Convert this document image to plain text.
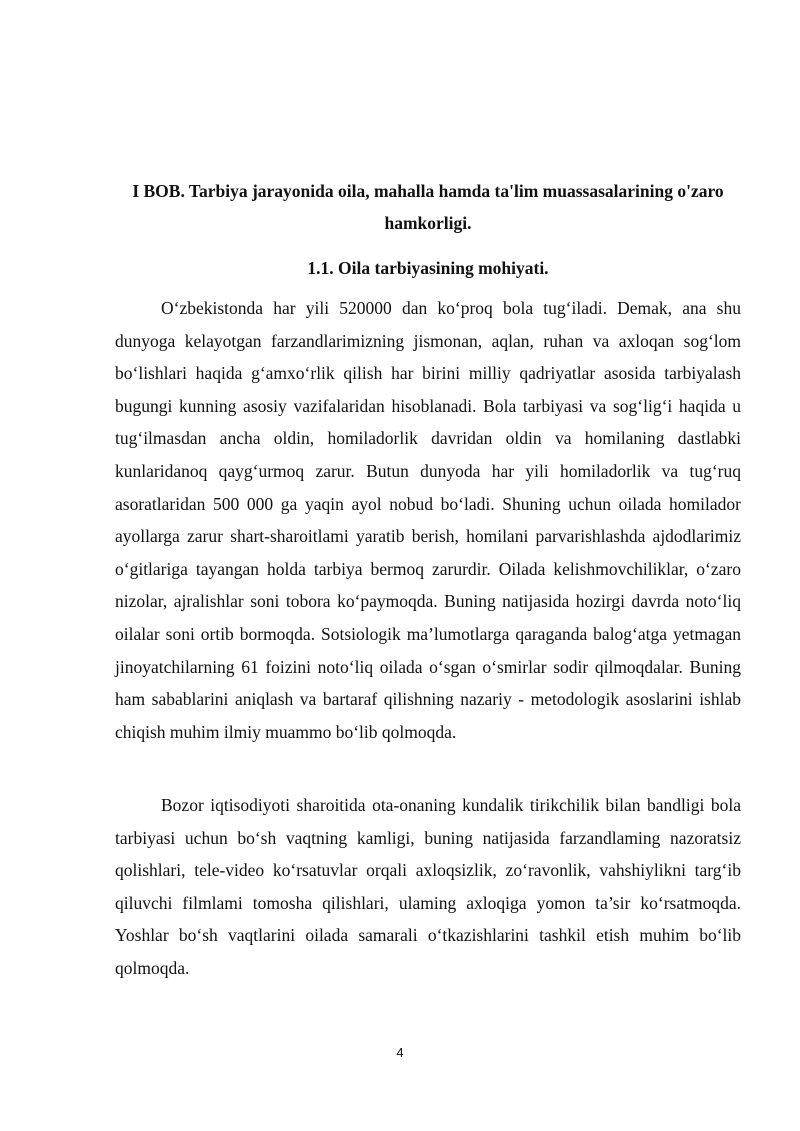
I BOB. Tarbiya jarayonida oila, mahalla hamda ta'lim muassasalarining o'zaro hamkorligi.
1.1. Oila tarbiyasining mohiyati.

O‘zbekistonda har yili 520000 dan ko‘proq bola tug‘iladi. Demak, ana shu dunyoga kelayotgan farzandlarimizning jismonan, aqlan, ruhan va axloqan sog‘lom bo‘lishlari haqida g‘amxo‘rlik qilish har birini milliy qadriyatlar asosida tarbiyalash bugungi kunning asosiy vazifalaridan hisoblanadi. Bola tarbiyasi va sog‘lig‘i haqida u tug‘ilmasdan ancha oldin, homiladorlik davridan oldin va homilaning dastlabki kunlaridanoq qayg‘urmoq zarur. Butun dunyoda har yili homiladorlik va tug‘ruq asoratlaridan 500 000 ga yaqin ayol nobud bo‘ladi. Shuning uchun oilada homilador ayollarga zarur shart-sharoitlami yaratib berish, homilani parvarishlashda ajdodlarimiz o‘gitlariga tayangan holda tarbiya bermoq zarurdir. Oilada kelishmovchiliklar, o‘zaro nizolar, ajralishlar soni tobora ko‘paymoqda. Buning natijasida hozirgi davrda noto‘liq oilalar soni ortib bormoqda. Sotsiologik ma’lumotlarga qaraganda balog‘atga yetmagan jinoyatchilarning 61 foizini noto‘liq oilada o‘sgan o‘smirlar sodir qilmoqdalar. Buning ham sabablarini aniqlash va bartaraf qilishning nazariy - metodologik asoslarini ishlab chiqish muhim ilmiy muammo bo‘lib qolmoqda.

Bozor iqtisodiyoti sharoitida ota-onaning kundalik tirikchilik bilan bandligi bola tarbiyasi uchun bo‘sh vaqtning kamligi, buning natijasida farzandlaming nazoratsiz qolishlari, tele-video ko‘rsatuvlar orqali axloqsizlik, zo‘ravonlik, vahshiylikni targ‘ib qiluvchi filmlami tomosha qilishlari, ulaming axloqiga yomon ta’sir ko‘rsatmoqda. Yoshlar bo‘sh vaqtlarini oilada samarali o‘tkazishlarini tashkil etish muhim bo‘lib qolmoqda.

4
